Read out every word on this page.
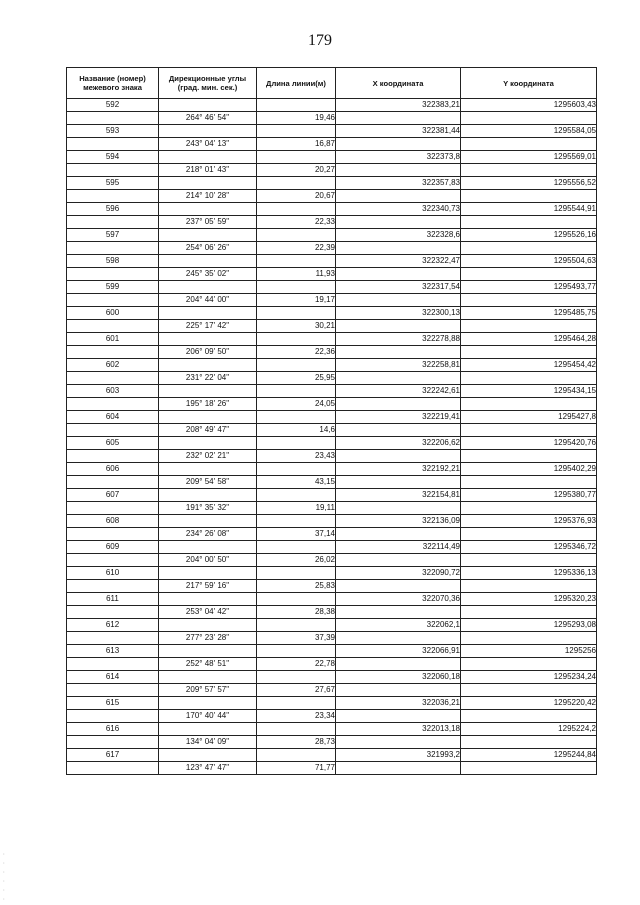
179
Название (номер) межевого знака	Дирекционные углы (град. мин. сек.)	Длина линии(м)	X координата	Y координата
592			322383,21	1295603,43
	264° 46' 54"	19,46		
593			322381,44	1295584,05
	243° 04' 13"	16,87		
594			322373,8	1295569,01
	218° 01' 43"	20,27		
595			322357,83	1295556,52
	214° 10' 28"	20,67		
596			322340,73	1295544,91
	237° 05' 59"	22,33		
597			322328,6	1295526,16
	254° 06' 26"	22,39		
598			322322,47	1295504,63
	245° 35' 02"	11,93		
599			322317,54	1295493,77
	204° 44' 00"	19,17		
600			322300,13	1295485,75
	225° 17' 42"	30,21		
601			322278,88	1295464,28
	206° 09' 50"	22,36		
602			322258,81	1295454,42
	231° 22' 04"	25,95		
603			322242,61	1295434,15
	195° 18' 26"	24,05		
604			322219,41	1295427,8
	208° 49' 47"	14,6		
605			322206,62	1295420,76
	232° 02' 21"	23,43		
606			322192,21	1295402,29
	209° 54' 58"	43,15		
607			322154,81	1295380,77
	191° 35' 32"	19,11		
608			322136,09	1295376,93
	234° 26' 08"	37,14		
609			322114,49	1295346,72
	204° 00' 50"	26,02		
610			322090,72	1295336,13
	217° 59' 16"	25,83		
611			322070,36	1295320,23
	253° 04' 42"	28,38		
612			322062,1	1295293,08
	277° 23' 28"	37,39		
613			322066,91	1295256
	252° 48' 51"	22,78		
614			322060,18	1295234,24
	209° 57' 57"	27,67		
615			322036,21	1295220,42
	170° 40' 44"	23,34		
616			322013,18	1295224,2
	134° 04' 09"	28,73		
617			321993,2	1295244,84
	123° 47' 47"	71,77		
·
·
·
·
·
·
